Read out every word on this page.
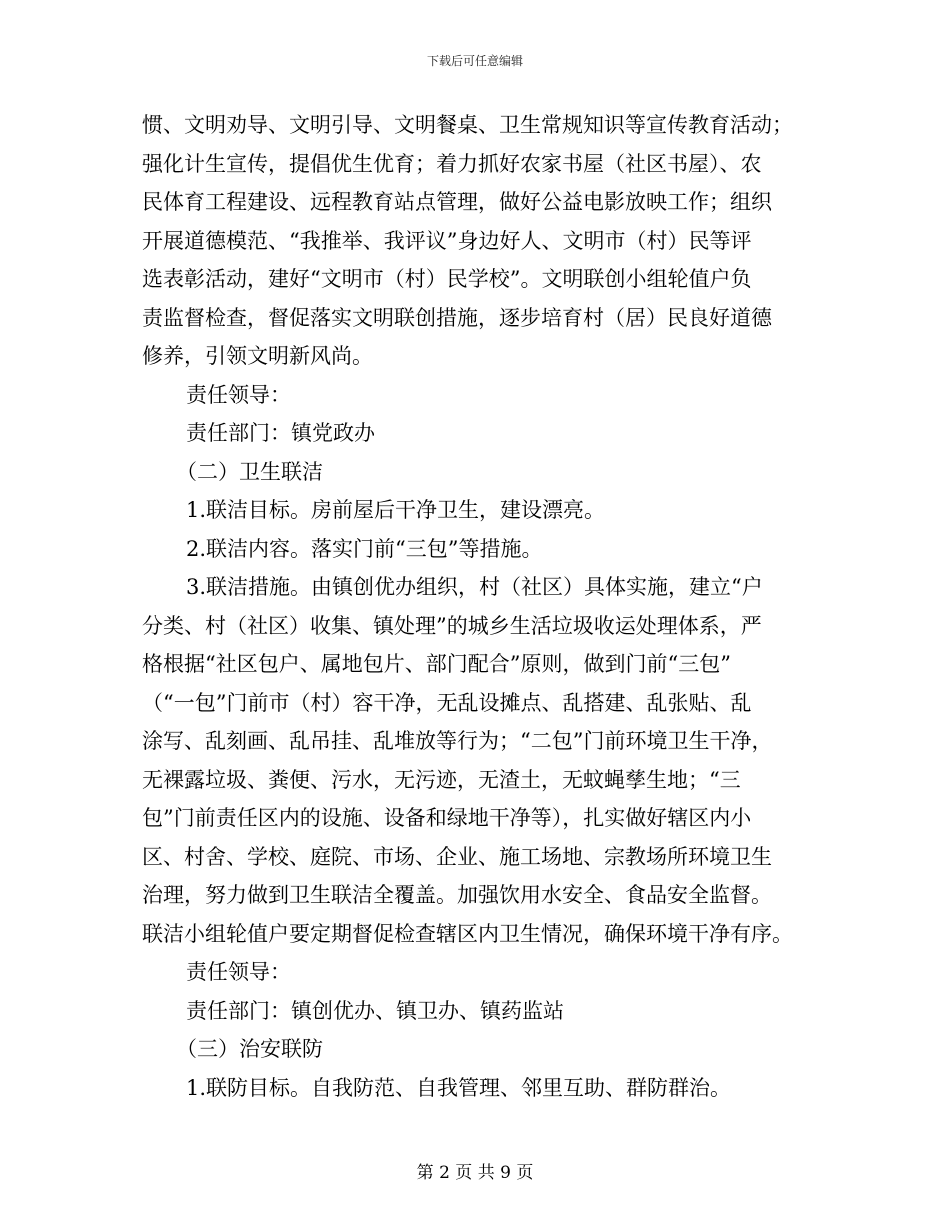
下载后可任意编辑
惯、文明劝导、文明引导、文明餐桌、卫生常规知识等宣传教育活动；
强化计生宣传，提倡优生优育；着力抓好农家书屋（社区书屋）、农
民体育工程建设、远程教育站点管理，做好公益电影放映工作；组织
开展道德模范、“我推举、我评议”身边好人、文明市（村）民等评
选表彰活动，建好“文明市（村）民学校”。文明联创小组轮值户负
责监督检查，督促落实文明联创措施，逐步培育村（居）民良好道德
修养，引领文明新风尚。
责任领导：
责任部门：镇党政办
（二）卫生联洁
1.联洁目标。房前屋后干净卫生，建设漂亮。
2.联洁内容。落实门前“三包”等措施。
3.联洁措施。由镇创优办组织，村（社区）具体实施，建立“户
分类、村（社区）收集、镇处理”的城乡生活垃圾收运处理体系，严
格根据“社区包户、属地包片、部门配合”原则，做到门前“三包”
（“一包”门前市（村）容干净，无乱设摊点、乱搭建、乱张贴、乱
涂写、乱刻画、乱吊挂、乱堆放等行为；“二包”门前环境卫生干净，
无裸露垃圾、粪便、污水，无污迹，无渣土，无蚊蝇孳生地；“三
包”门前责任区内的设施、设备和绿地干净等），扎实做好辖区内小
区、村舍、学校、庭院、市场、企业、施工场地、宗教场所环境卫生
治理，努力做到卫生联洁全覆盖。加强饮用水安全、食品安全监督。
联洁小组轮值户要定期督促检查辖区内卫生情况，确保环境干净有序。
责任领导：
责任部门：镇创优办、镇卫办、镇药监站
（三）治安联防
1.联防目标。自我防范、自我管理、邻里互助、群防群治。
第 2 页 共 9 页
